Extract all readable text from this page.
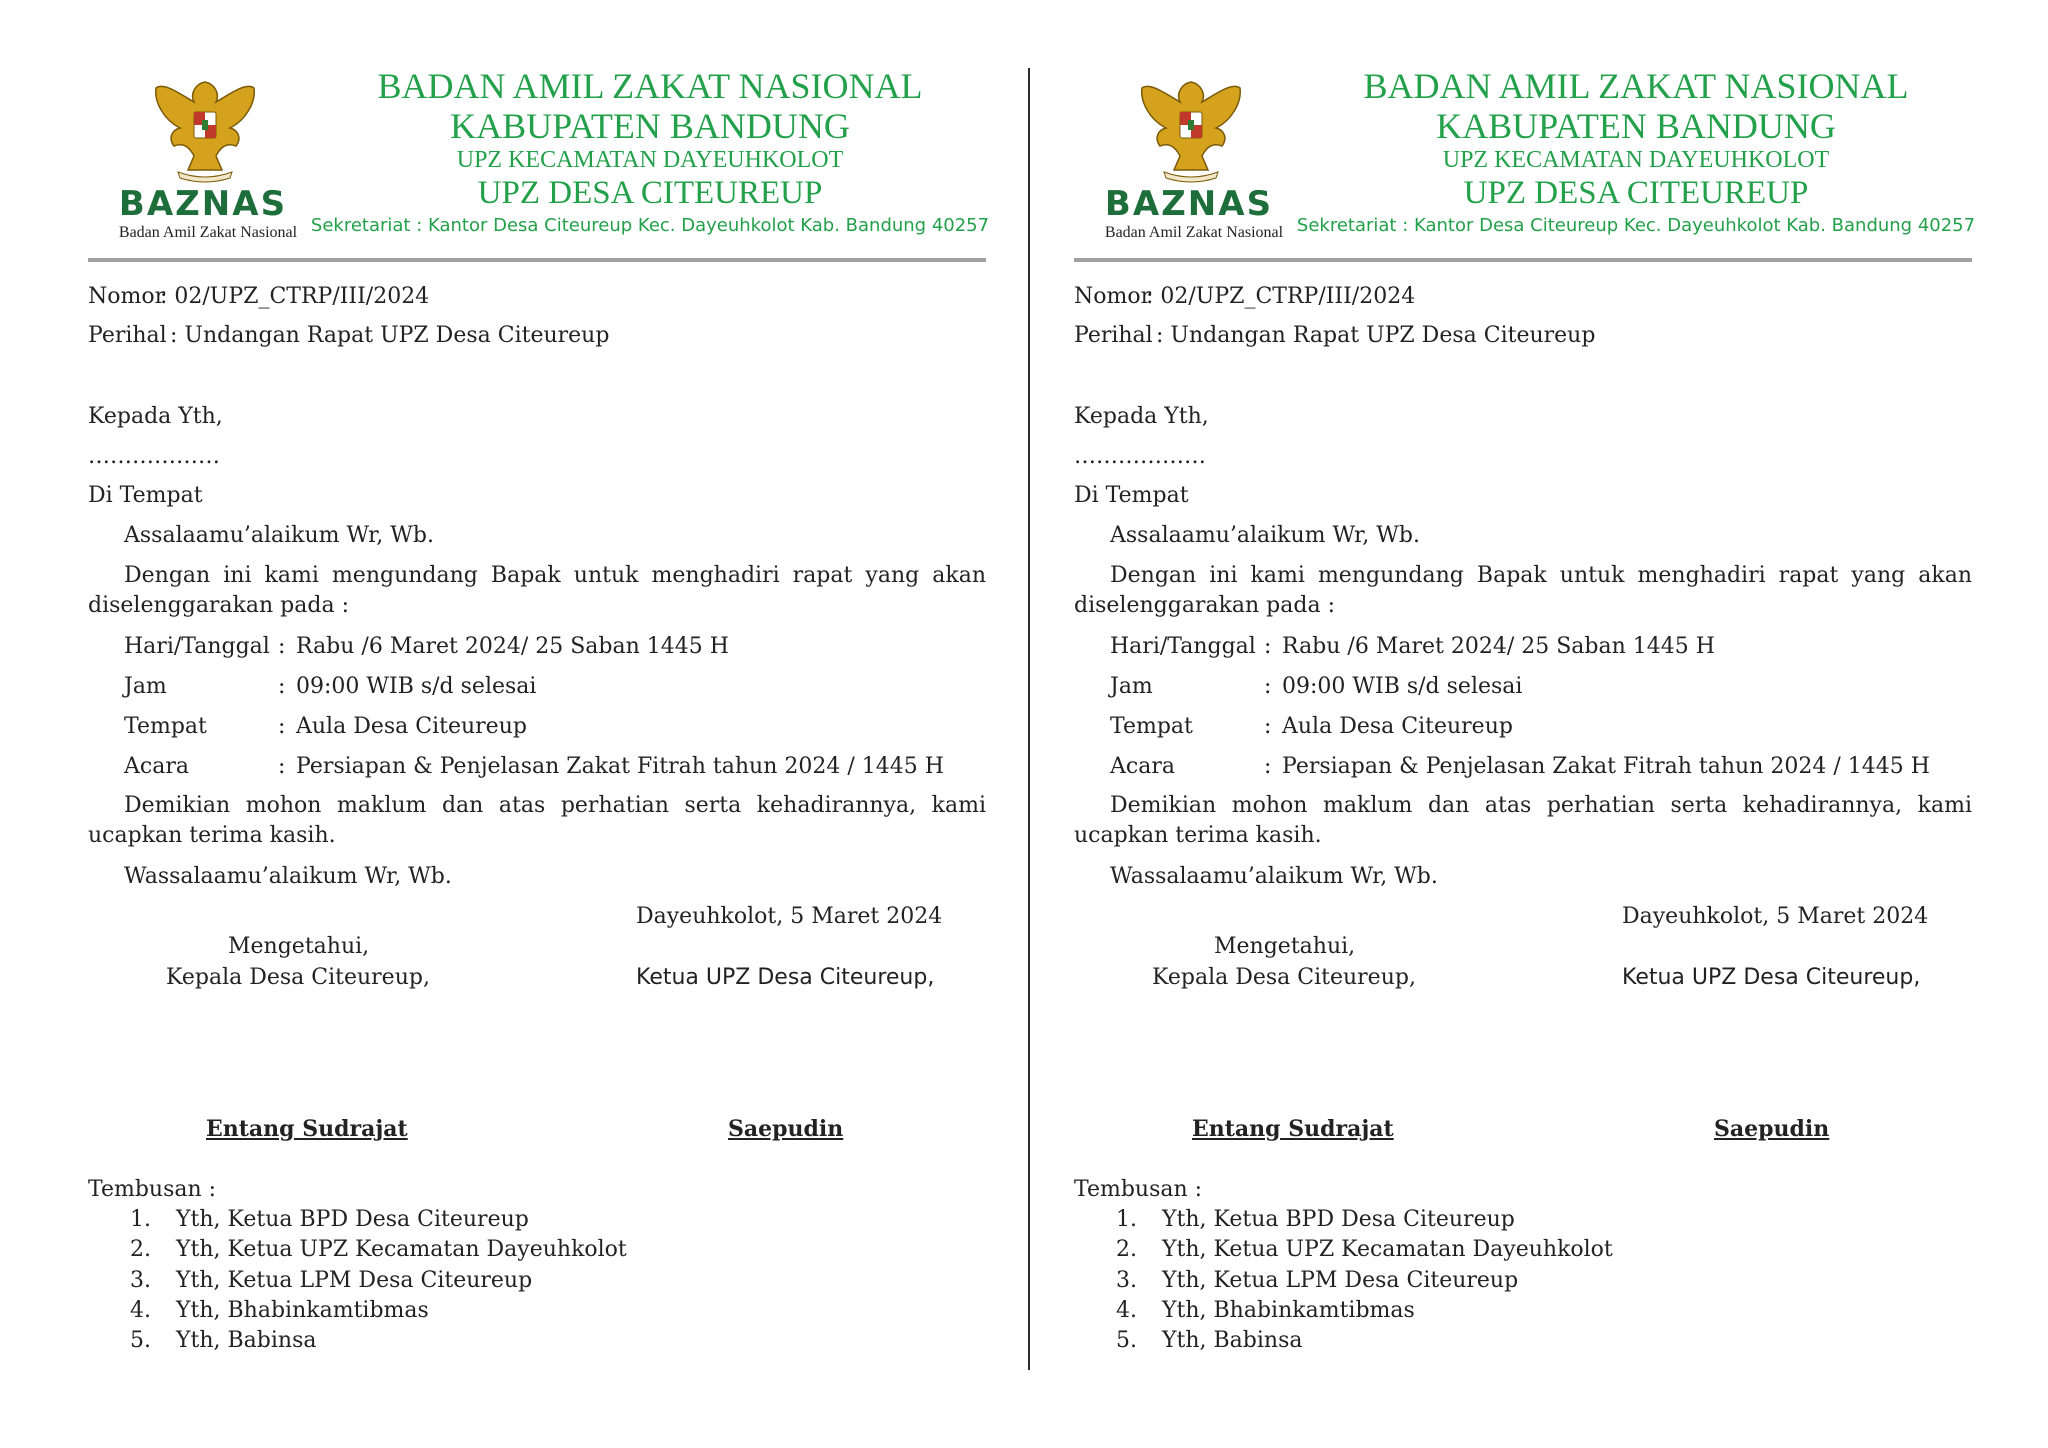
BAZNAS
Badan Amil Zakat Nasional
BADAN AMIL ZAKAT NASIONAL
KABUPATEN BANDUNG
UPZ KECAMATAN DAYEUHKOLOT
UPZ DESA CITEUREUP
Sekretariat : Kantor Desa Citeureup Kec. Dayeuhkolot Kab. Bandung 40257
Nomor
: 02/UPZ_CTRP/III/2024
Perihal : Undangan Rapat UPZ Desa Citeureup
Kepada Yth,
………………
Di Tempat
Assalaamu’alaikum Wr, Wb.
Dengan ini kami mengundang Bapak untuk menghadiri rapat yang akan
diselenggarakan pada :
Hari/Tanggal : Rabu /6 Maret 2024/ 25 Saban 1445 H
Jam	: 09:00 WIB s/d selesai
Tempat	: Aula Desa Citeureup
Acara	: Persiapan & Penjelasan Zakat Fitrah tahun 2024 / 1445 H
Demikian mohon maklum dan atas perhatian serta kehadirannya, kami
ucapkan terima kasih.
Wassalaamu’alaikum Wr, Wb.
Dayeuhkolot, 5 Maret 2024
Mengetahui,
Kepala Desa Citeureup,	Ketua UPZ Desa Citeureup,
Entang Sudrajat	Saepudin
Tembusan :
1. Yth, Ketua BPD Desa Citeureup
2. Yth, Ketua UPZ Kecamatan Dayeuhkolot
3. Yth, Ketua LPM Desa Citeureup
4. Yth, Bhabinkamtibmas
5. Yth, Babinsa
BAZNAS
Badan Amil Zakat Nasional
BADAN AMIL ZAKAT NASIONAL
KABUPATEN BANDUNG
UPZ KECAMATAN DAYEUHKOLOT
UPZ DESA CITEUREUP
Sekretariat : Kantor Desa Citeureup Kec. Dayeuhkolot Kab. Bandung 40257
Nomor
: 02/UPZ_CTRP/III/2024
Perihal : Undangan Rapat UPZ Desa Citeureup
Kepada Yth,
………………
Di Tempat
Assalaamu’alaikum Wr, Wb.
Dengan ini kami mengundang Bapak untuk menghadiri rapat yang akan
diselenggarakan pada :
Hari/Tanggal : Rabu /6 Maret 2024/ 25 Saban 1445 H
Jam	: 09:00 WIB s/d selesai
Tempat	: Aula Desa Citeureup
Acara	: Persiapan & Penjelasan Zakat Fitrah tahun 2024 / 1445 H
Demikian mohon maklum dan atas perhatian serta kehadirannya, kami
ucapkan terima kasih.
Wassalaamu’alaikum Wr, Wb.
Dayeuhkolot, 5 Maret 2024
Mengetahui,
Kepala Desa Citeureup,	Ketua UPZ Desa Citeureup,
Entang Sudrajat	Saepudin
Tembusan :
1. Yth, Ketua BPD Desa Citeureup
2. Yth, Ketua UPZ Kecamatan Dayeuhkolot
3. Yth, Ketua LPM Desa Citeureup
4. Yth, Bhabinkamtibmas
5. Yth, Babinsa
